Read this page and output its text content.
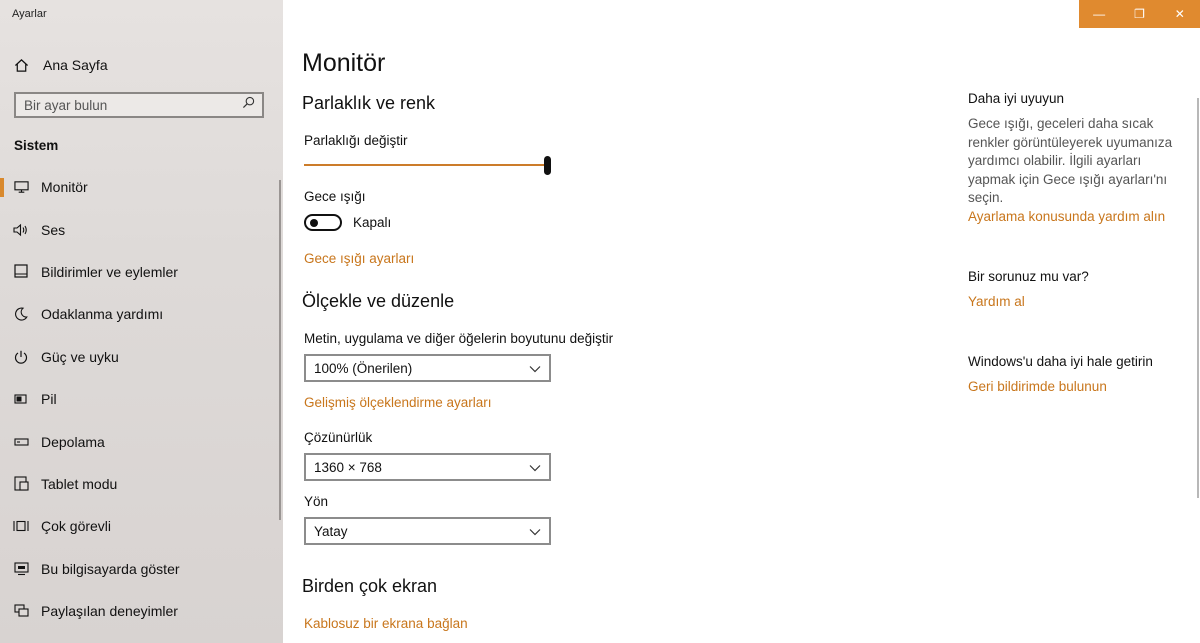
Ayarlar
Ana Sayfa
Bir ayar bulun
Sistem
Monitör
Ses
Bildirimler ve eylemler
Odaklanma yardımı
Güç ve uyku
Pil
Depolama
Tablet modu
Çok görevli
Bu bilgisayarda göster
Paylaşılan deneyimler
— ❐ ✕
Monitör
Parlaklık ve renk
Parlaklığı değiştir
Gece ışığı
Kapalı
Gece ışığı ayarları
Ölçekle ve düzenle
Metin, uygulama ve diğer öğelerin boyutunu değiştir
100% (Önerilen)
Gelişmiş ölçeklendirme ayarları
Çözünürlük
1360 × 768
Yön
Yatay
Birden çok ekran
Kablosuz bir ekrana bağlan
Daha iyi uyuyun
Gece ışığı, geceleri daha sıcak renkler görüntüleyerek uyumanıza yardımcı olabilir. İlgili ayarları yapmak için Gece ışığı ayarları'nı seçin.
Ayarlama konusunda yardım alın
Bir sorunuz mu var?
Yardım al
Windows'u daha iyi hale getirin
Geri bildirimde bulunun
